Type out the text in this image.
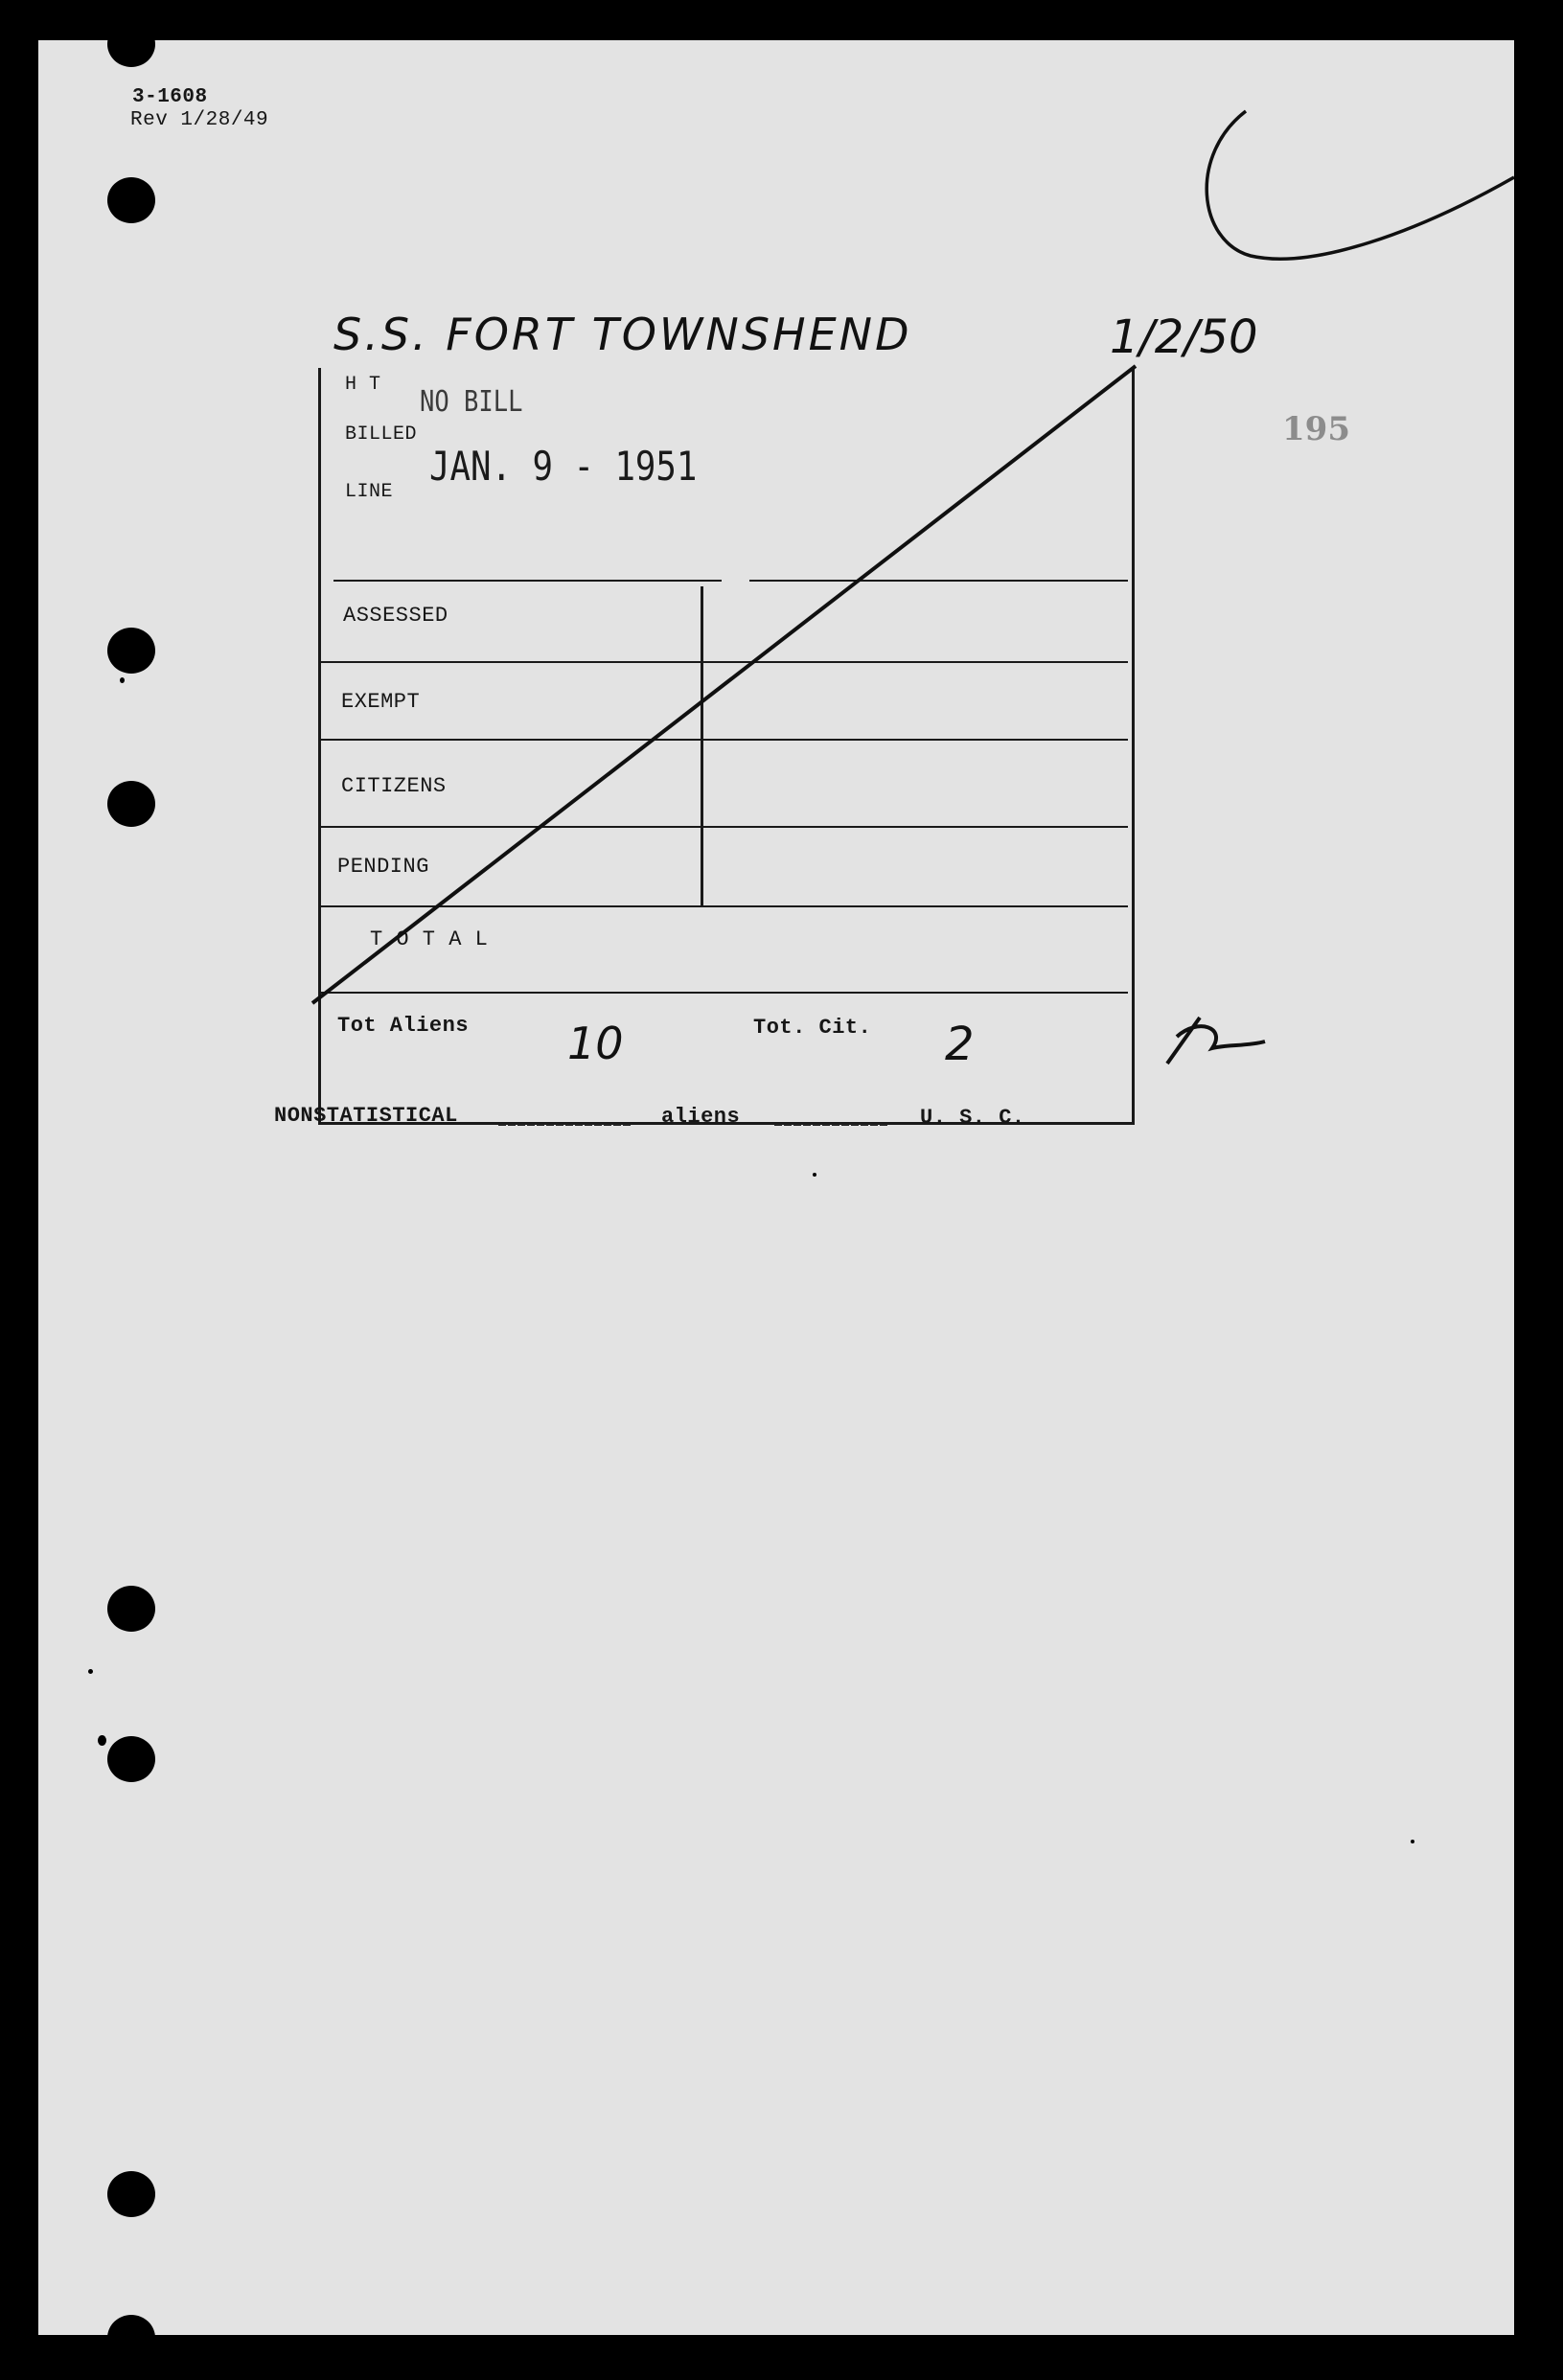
3-1608
Rev 1/28/49
195
S.S. FORT TOWNSHEND	1/2/50
H T
NO BILL
BILLED
JAN. 9 - 1951
LINE
ASSESSED
EXEMPT
CITIZENS
PENDING
T O T A L
Tot Aliens 10	Tot. Cit. 2
NONSTATISTICAL	aliens	U. S. C.
